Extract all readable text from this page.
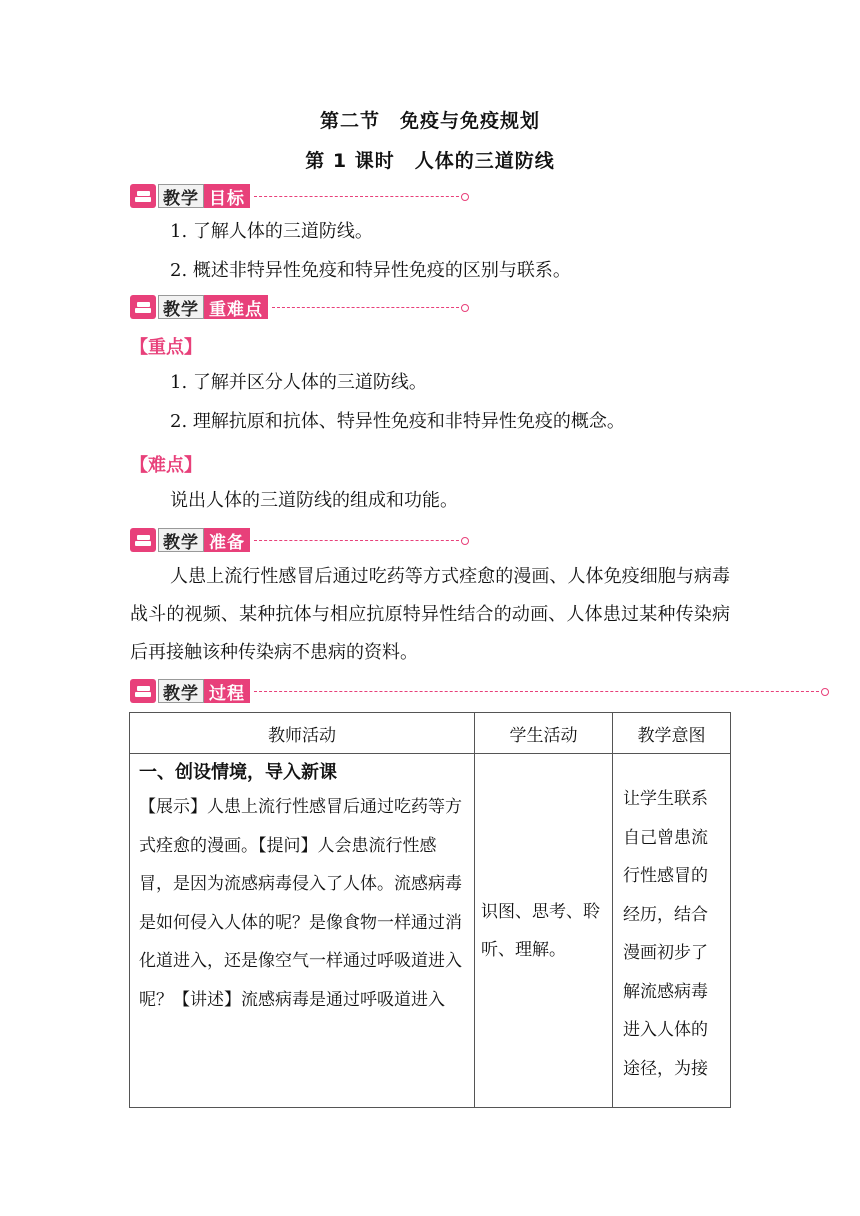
第二节　免疫与免疫规划
第 1 课时　人体的三道防线
教学 目标
1. 了解人体的三道防线。
2. 概述非特异性免疫和特异性免疫的区别与联系。
教学 重难点
【重点】
1. 了解并区分人体的三道防线。
2. 理解抗原和抗体、特异性免疫和非特异性免疫的概念。
【难点】
说出人体的三道防线的组成和功能。
教学 准备
人患上流行性感冒后通过吃药等方式痊愈的漫画、人体免疫细胞与病毒战斗的视频、某种抗体与相应抗原特异性结合的动画、人体患过某种传染病后再接触该种传染病不患病的资料。
教学 过程
教师活动	学生活动	教学意图

一、创设情境，导入新课
【展示】人患上流行性感冒后通过吃药等方式痊愈的漫画。【提问】人会患流行性感冒，是因为流感病毒侵入了人体。流感病毒是如何侵入人体的呢？是像食物一样通过消化道进入，还是像空气一样通过呼吸道进入呢？【讲述】流感病毒是通过呼吸道进入	识图、思考、聆听、理解。	让学生联系自己曾患流行性感冒的经历，结合漫画初步了解流感病毒进入人体的途径，为接
